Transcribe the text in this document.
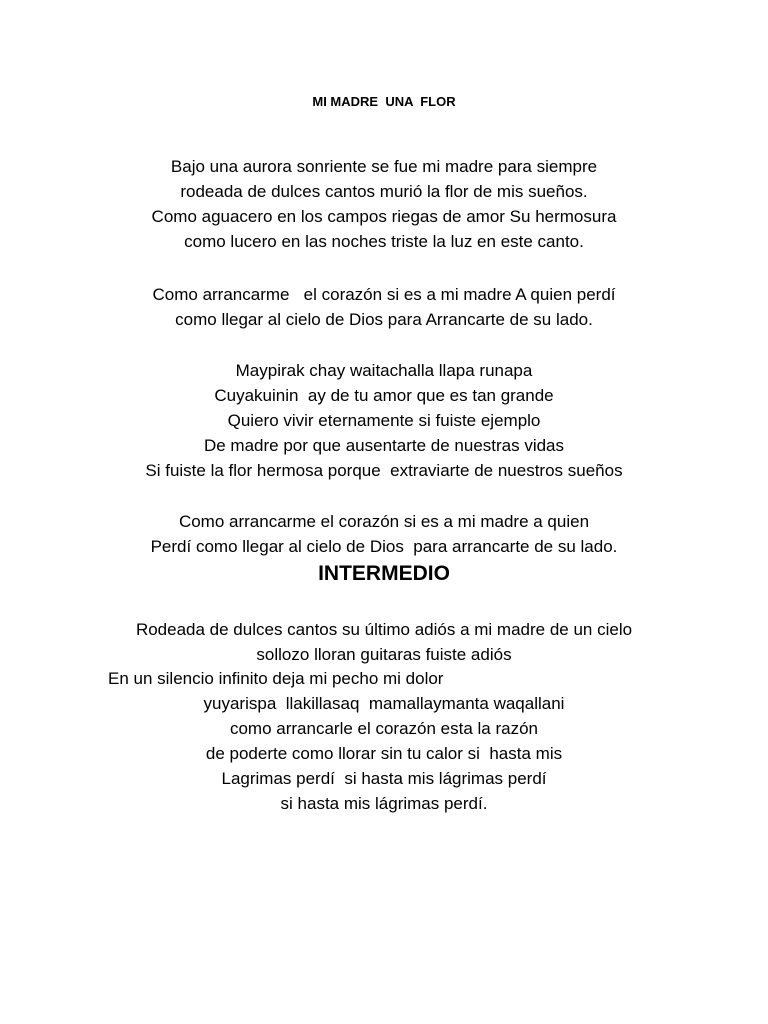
MI MADRE  UNA  FLOR
Bajo una aurora sonriente se fue mi madre para siempre
rodeada de dulces cantos murió la flor de mis sueños.
Como aguacero en los campos riegas de amor Su hermosura
como lucero en las noches triste la luz en este canto.
Como arrancarme   el corazón si es a mi madre A quien perdí
como llegar al cielo de Dios para Arrancarte de su lado.
Maypirak chay waitachalla llapa runapa
Cuyakuinin  ay de tu amor que es tan grande
Quiero vivir eternamente si fuiste ejemplo
De madre por que ausentarte de nuestras vidas
Si fuiste la flor hermosa porque  extraviarte de nuestros sueños
Como arrancarme el corazón si es a mi madre a quien
Perdí como llegar al cielo de Dios  para arrancarte de su lado.
INTERMEDIO
Rodeada de dulces cantos su último adiós a mi madre de un cielo
sollozo lloran guitaras fuiste adiós
En un silencio infinito deja mi pecho mi dolor
yuyarispa  llakillasaq  mamallaymanta waqallani
como arrancarle el corazón esta la razón
de poderte como llorar sin tu calor si  hasta mis
Lagrimas perdí  si hasta mis lágrimas perdí
si hasta mis lágrimas perdí.
